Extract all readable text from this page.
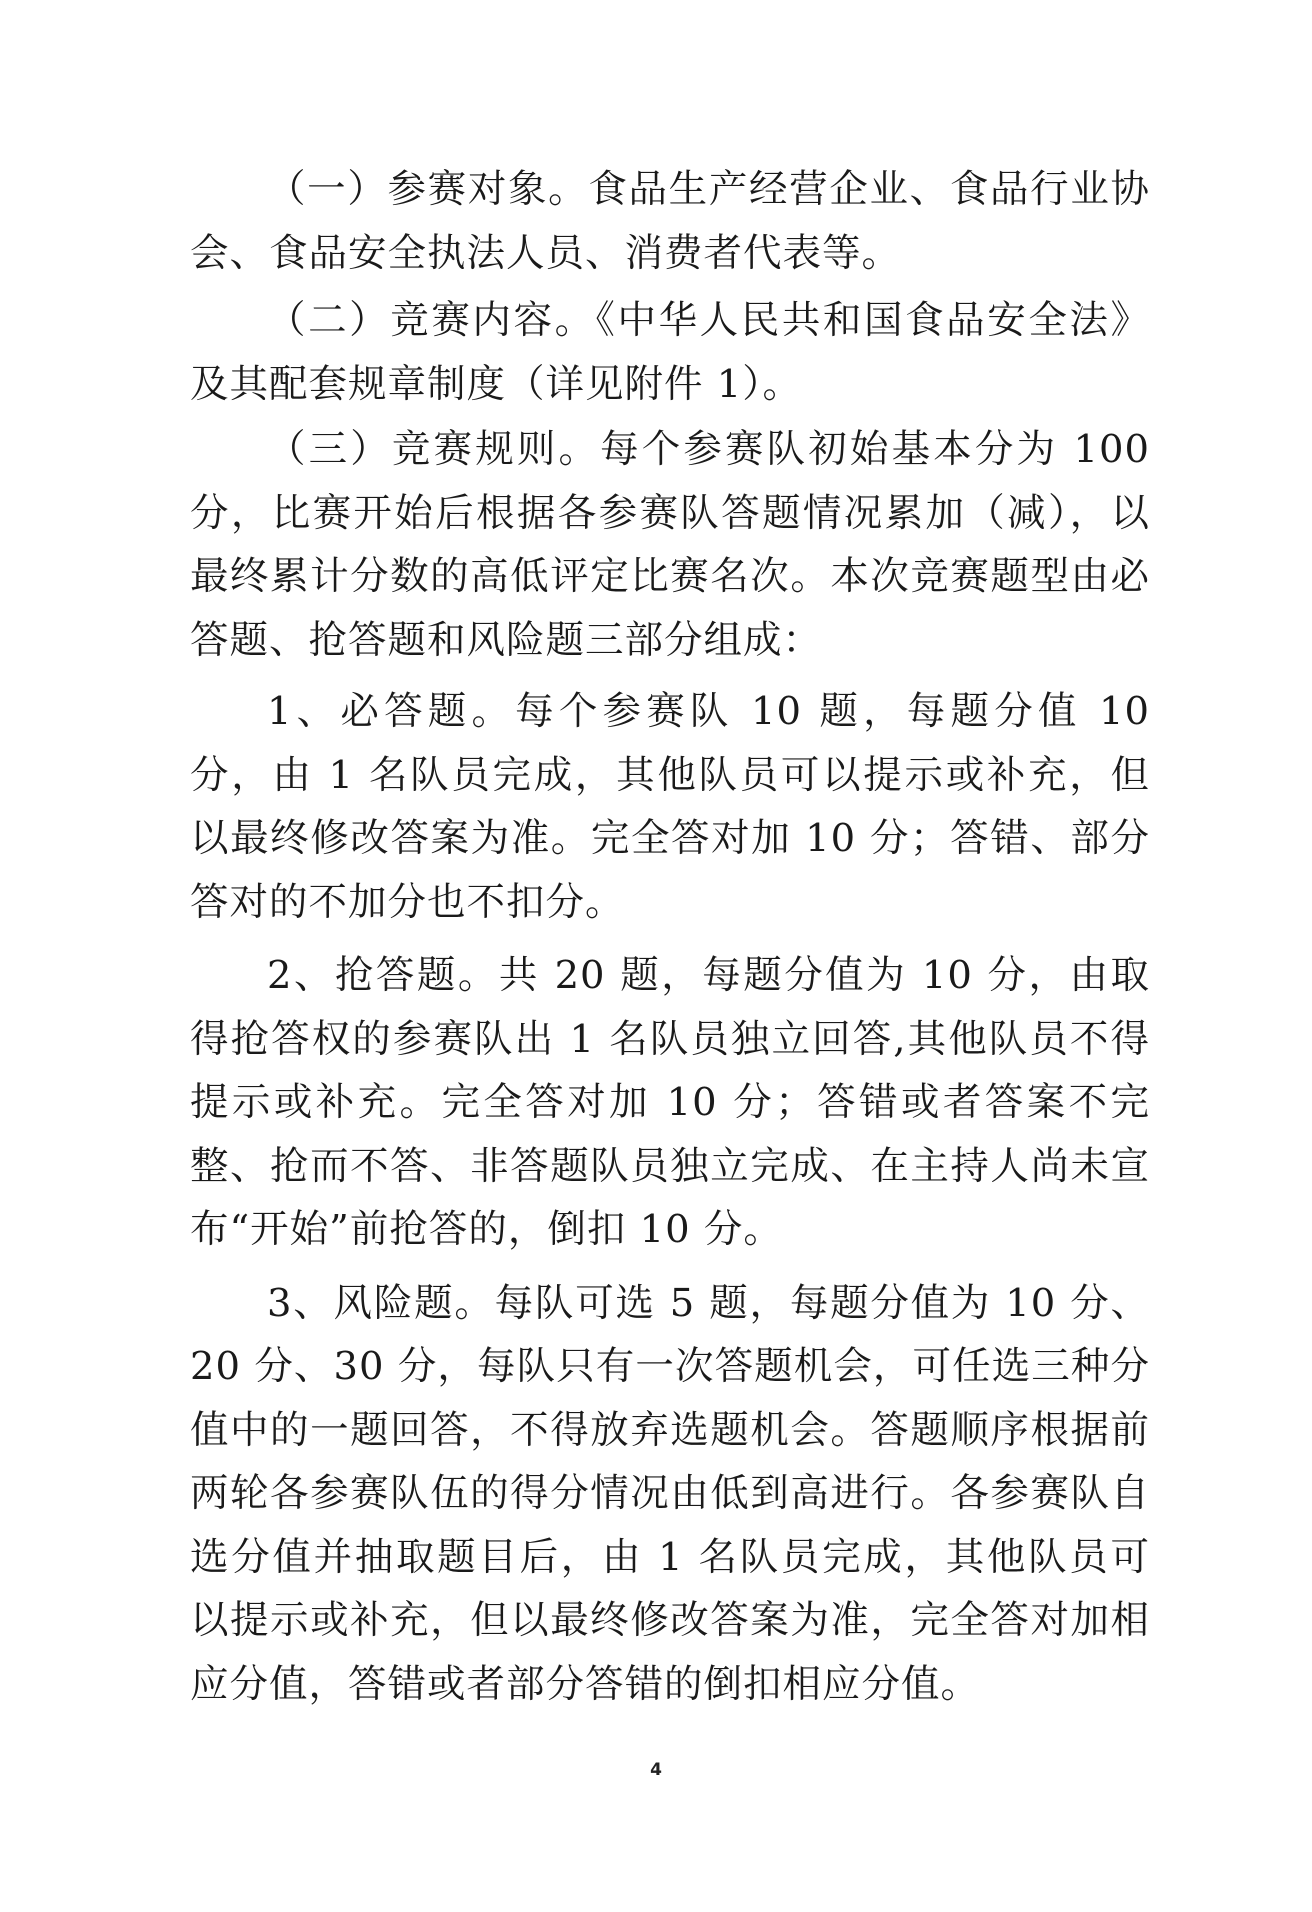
（一）参赛对象。食品生产经营企业、食品行业协会、食品安全执法人员、消费者代表等。

（二）竞赛内容。《中华人民共和国食品安全法》及其配套规章制度（详见附件 1）。

（三）竞赛规则。每个参赛队初始基本分为 100 分，比赛开始后根据各参赛队答题情况累加（减），以最终累计分数的高低评定比赛名次。本次竞赛题型由必答题、抢答题和风险题三部分组成：

1、必答题。每个参赛队 10 题，每题分值 10 分，由 1 名队员完成，其他队员可以提示或补充，但以最终修改答案为准。完全答对加 10 分；答错、部分答对的不加分也不扣分。

2、抢答题。共 20 题，每题分值为 10 分，由取得抢答权的参赛队出 1 名队员独立回答,其他队员不得提示或补充。完全答对加 10 分；答错或者答案不完整、抢而不答、非答题队员独立完成、在主持人尚未宣布“开始”前抢答的，倒扣 10 分。

3、风险题。每队可选 5 题，每题分值为 10 分、20 分、30 分，每队只有一次答题机会，可任选三种分值中的一题回答，不得放弃选题机会。答题顺序根据前两轮各参赛队伍的得分情况由低到高进行。各参赛队自选分值并抽取题目后，由 1 名队员完成，其他队员可以提示或补充，但以最终修改答案为准，完全答对加相应分值，答错或者部分答错的倒扣相应分值。

4
